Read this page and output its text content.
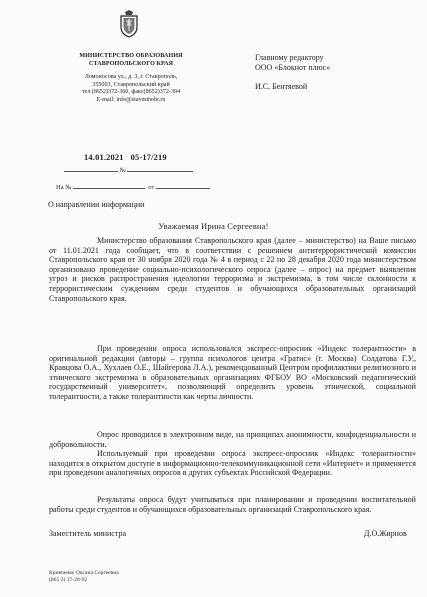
МИНИСТЕРСТВО ОБРАЗОВАНИЯ
СТАВРОПОЛЬСКОГО КРАЯ
Ломоносова ул., д. 3, г. Ставрополь,
355003, Ставропольский край
тел.(8652)372-360, факс(8652)372-394
E-mail: info@stavminobr.ru
14.01.2021 05-17/219
№
На №	от
Главному редактору
ООО «Блокнот плюс»
И.С. Бентяевой
О направлении информации
Уважаемая Ирина Сергеевна!

Министерство образования Ставропольского края (далее – министерство) на Ваше письмо от 11.01.2021 года сообщает, что в соответствии с решением антитеррористической комиссии Ставропольского края от 30 ноября 2020 года № 4 в период с 22 по 28 декабря 2020 года министерством организовано проведение социально-психологического опроса (далее – опрос) на предмет выявления угроз и рисков распространения идеологии терроризма и экстремизма, в том числе склонности к террористическим суждениям среди студентов и обучающихся образовательных организаций Ставропольского края.

При проведении опроса использовался экспресс-опросник «Индекс толерантности» в оригинальной редакции (авторы – группа психологов центра «Гратис» (г. Москва) Солдатова Г.У., Кравцова О.А., Хухлаев О.Е., Шайгерова Л.А.), рекомендованный Центром профилактики религиозного и этнического экстремизма в образовательных организациях ФГБОУ ВО «Московский педагогический государственный университет», позволяющий определить уровень этнической, социальной толерантности, а также толерантности как черты личности.

Опрос проводился в электронном виде, на принципах анонимности, конфиденциальности и добровольности.

Используемый при проведении опроса экспресс-опросник «Индекс толерантности» находится в открытом доступе в информационно-телекоммуникационной сети «Интернет» и применяется при проведении аналогичных опросов в других субъектах Российской Федерации.

Результаты опроса будут учитываться при планировании и проведении воспитательной работы среди студентов и обучающихся образовательных организаций Ставропольского края.

Заместитель министра	Д.О.Жирнов
Кривченко Оксана Сергеевна
(865 2) 37-28-92
